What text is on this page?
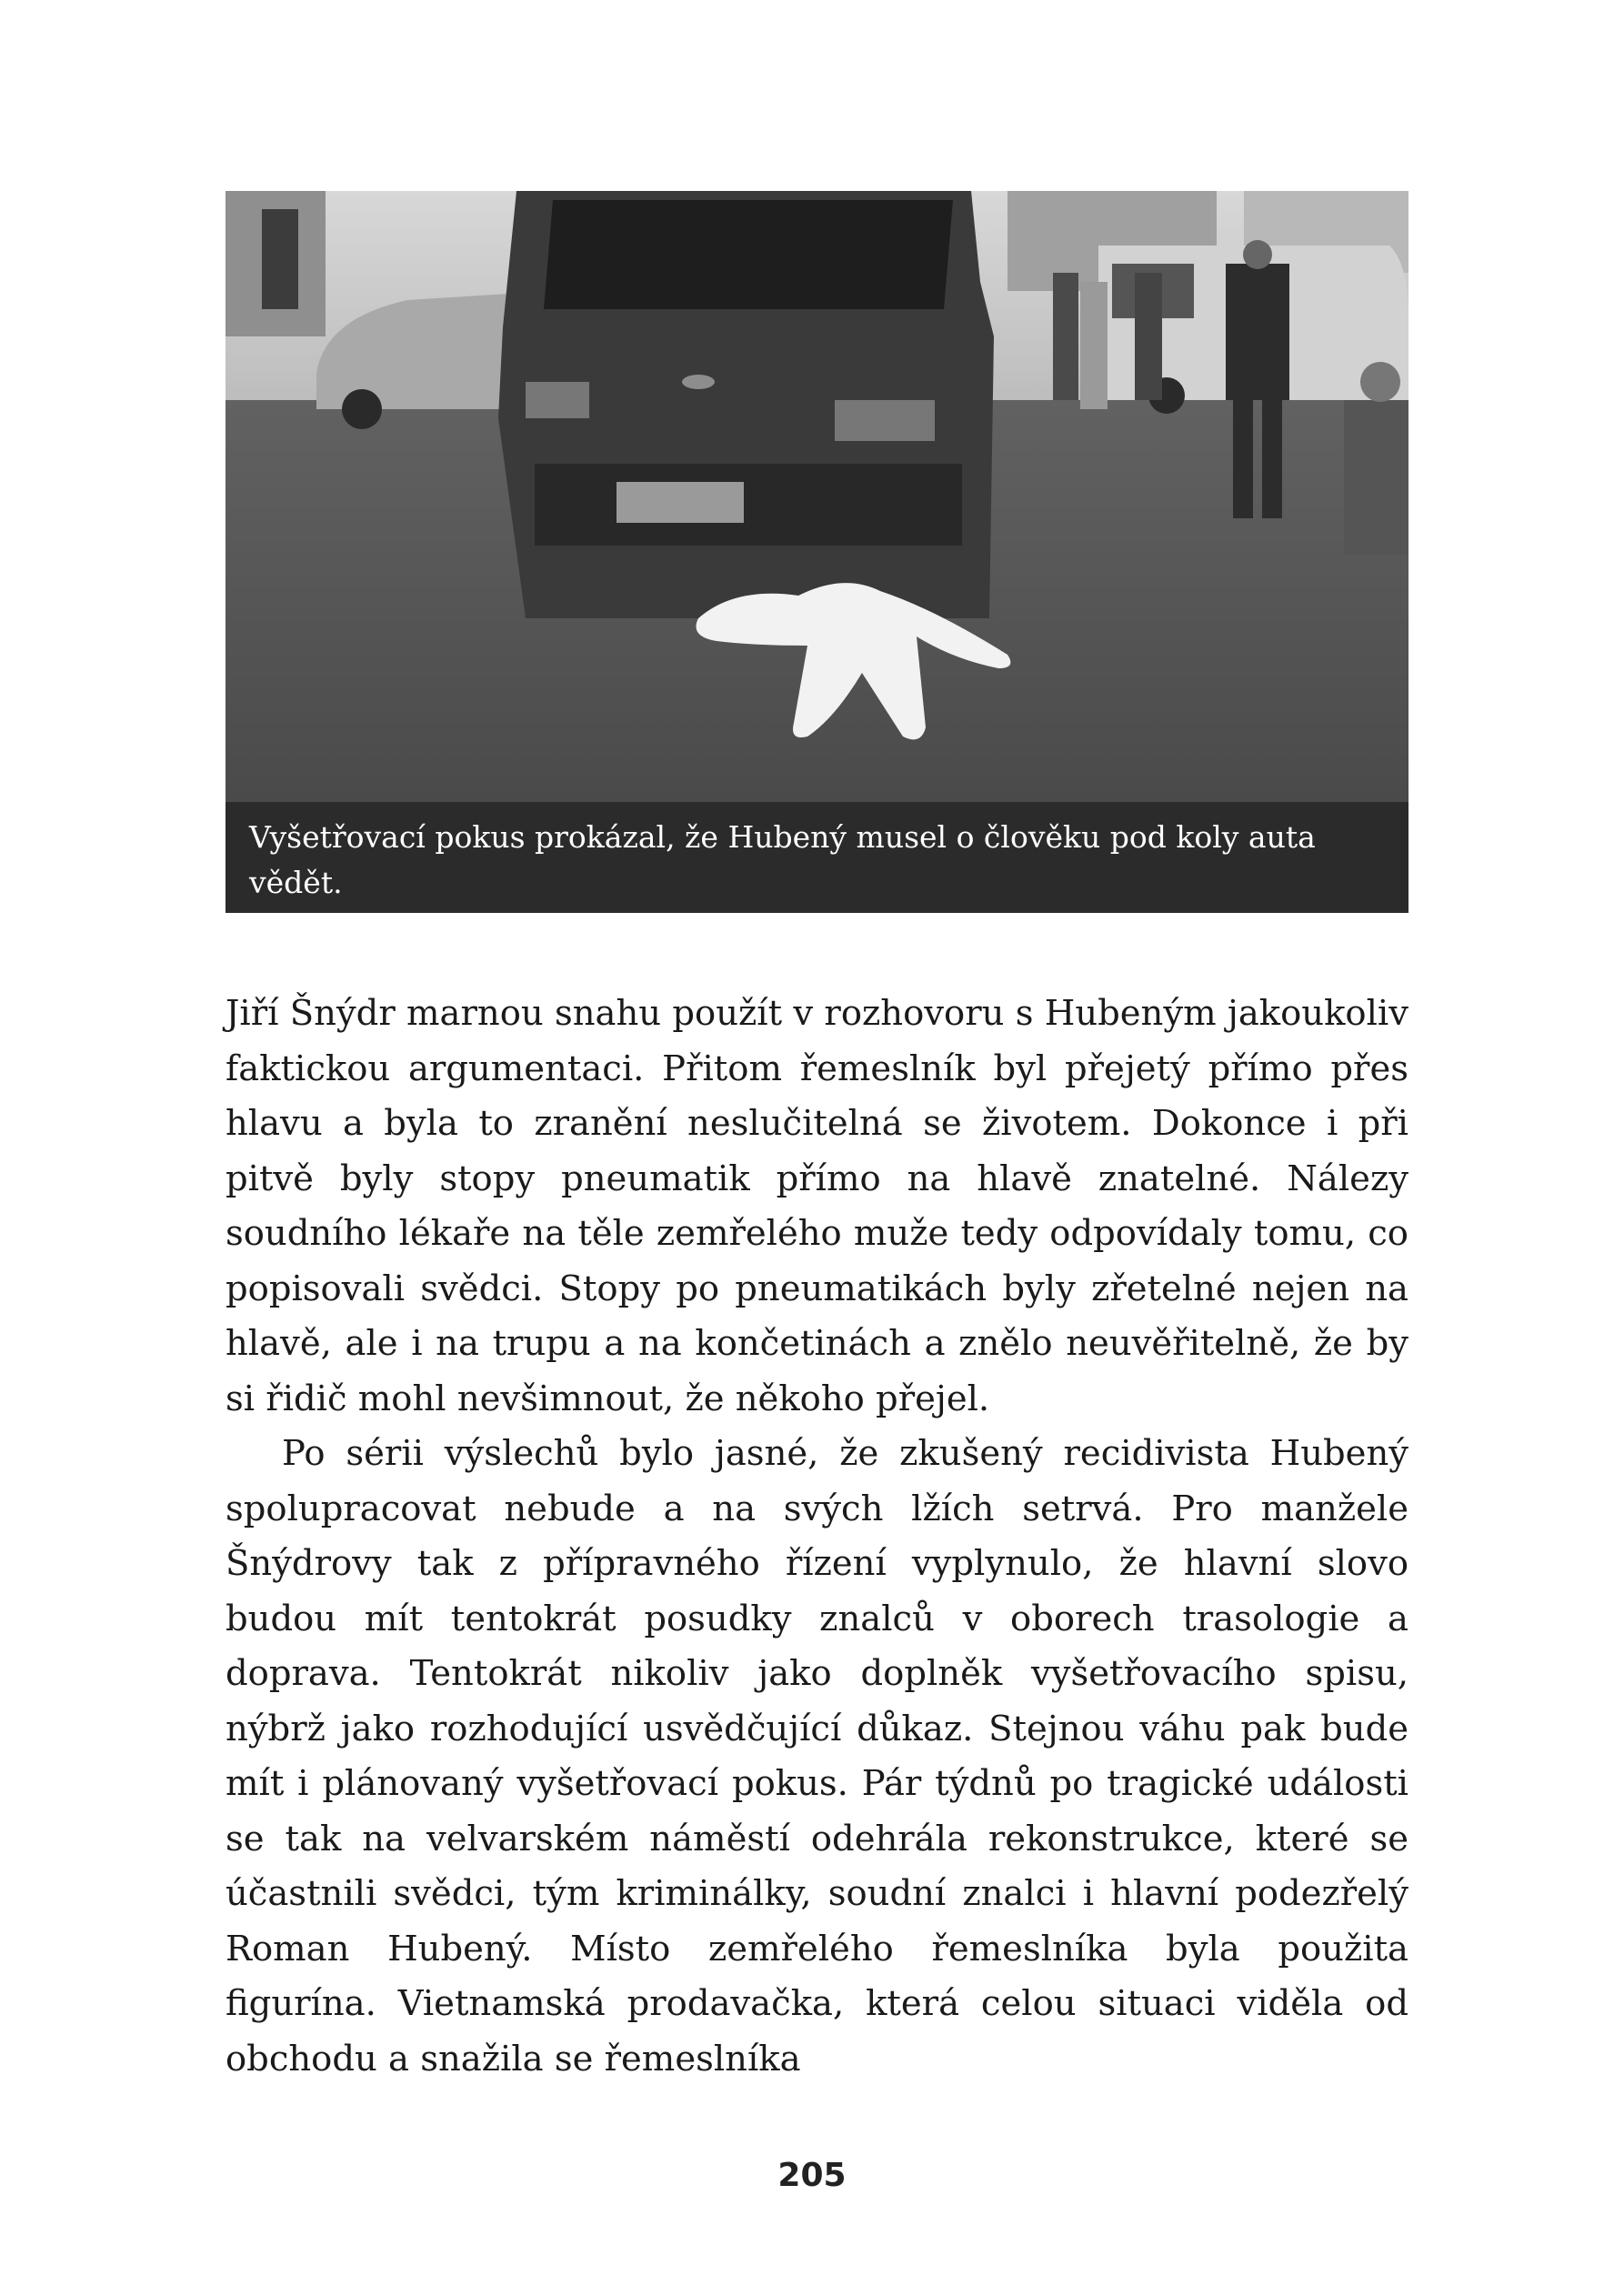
Vyšetřovací pokus prokázal, že Hubený musel o člověku pod koly auta vědět.

Jiří Šnýdr marnou snahu použít v rozhovoru s Hubeným jakoukoliv faktickou argumentaci. Přitom řemeslník byl přejetý přímo přes hlavu a byla to zranění neslučitelná se životem. Dokonce i při pitvě byly stopy pneumatik přímo na hlavě znatelné. Nálezy soudního lékaře na těle zemřelého muže tedy odpovídaly tomu, co popisovali svědci. Stopy po pneumatikách byly zřetelné nejen na hlavě, ale i na trupu a na končetinách a znělo neuvěřitelně, že by si řidič mohl nevšimnout, že někoho přejel.

Po sérii výslechů bylo jasné, že zkušený recidivista Hubený spolupracovat nebude a na svých lžích setrvá. Pro manžele Šnýdrovy tak z přípravného řízení vyplynulo, že hlavní slovo budou mít tentokrát posudky znalců v oborech trasologie a doprava. Tentokrát nikoliv jako doplněk vyšetřovacího spisu, nýbrž jako rozhodující usvědčující důkaz. Stejnou váhu pak bude mít i plánovaný vyšetřovací pokus. Pár týdnů po tragické události se tak na velvarském náměstí odehrála rekonstrukce, které se účastnili svědci, tým kriminálky, soudní znalci i hlavní podezřelý Roman Hubený. Místo zemřelého řemeslníka byla použita figurína. Vietnamská prodavačka, která celou situaci viděla od obchodu a snažila se řemeslníka

205
